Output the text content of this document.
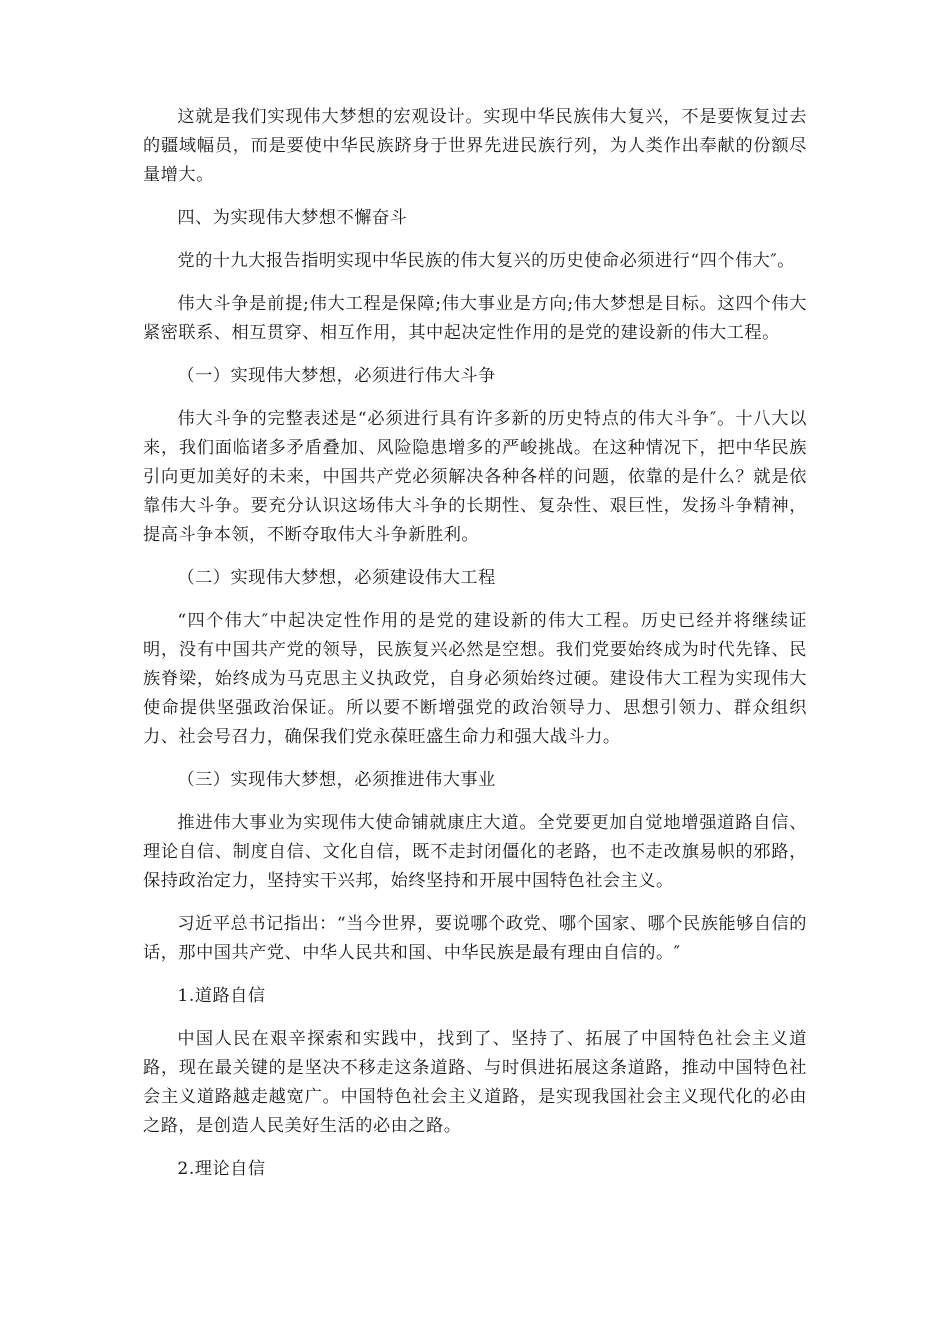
这就是我们实现伟大梦想的宏观设计。实现中华民族伟大复兴，不是要恢复过去的疆域幅员，而是要使中华民族跻身于世界先进民族行列，为人类作出奉献的份额尽量增大。

四、为实现伟大梦想不懈奋斗

党的十九大报告指明实现中华民族的伟大复兴的历史使命必须进行“四个伟大″。

伟大斗争是前提;伟大工程是保障;伟大事业是方向;伟大梦想是目标。这四个伟大紧密联系、相互贯穿、相互作用，其中起决定性作用的是党的建设新的伟大工程。

（一）实现伟大梦想，必须进行伟大斗争

伟大斗争的完整表述是“必须进行具有许多新的历史特点的伟大斗争″。十八大以来，我们面临诸多矛盾叠加、风险隐患增多的严峻挑战。在这种情况下，把中华民族引向更加美好的未来，中国共产党必须解决各种各样的问题，依靠的是什么？就是依靠伟大斗争。要充分认识这场伟大斗争的长期性、复杂性、艰巨性，发扬斗争精神，提高斗争本领，不断夺取伟大斗争新胜利。

（二）实现伟大梦想，必须建设伟大工程

“四个伟大″中起决定性作用的是党的建设新的伟大工程。历史已经并将继续证明，没有中国共产党的领导，民族复兴必然是空想。我们党要始终成为时代先锋、民族脊梁，始终成为马克思主义执政党，自身必须始终过硬。建设伟大工程为实现伟大使命提供坚强政治保证。所以要不断增强党的政治领导力、思想引领力、群众组织力、社会号召力，确保我们党永葆旺盛生命力和强大战斗力。

（三）实现伟大梦想，必须推进伟大事业

推进伟大事业为实现伟大使命铺就康庄大道。全党要更加自觉地增强道路自信、理论自信、制度自信、文化自信，既不走封闭僵化的老路，也不走改旗易帜的邪路，保持政治定力，坚持实干兴邦，始终坚持和开展中国特色社会主义。

习近平总书记指出：“当今世界，要说哪个政党、哪个国家、哪个民族能够自信的话，那中国共产党、中华人民共和国、中华民族是最有理由自信的。″

1.道路自信

中国人民在艰辛探索和实践中，找到了、坚持了、拓展了中国特色社会主义道路，现在最关键的是坚决不移走这条道路、与时俱进拓展这条道路，推动中国特色社会主义道路越走越宽广。中国特色社会主义道路，是实现我国社会主义现代化的必由之路，是创造人民美好生活的必由之路。

2.理论自信
